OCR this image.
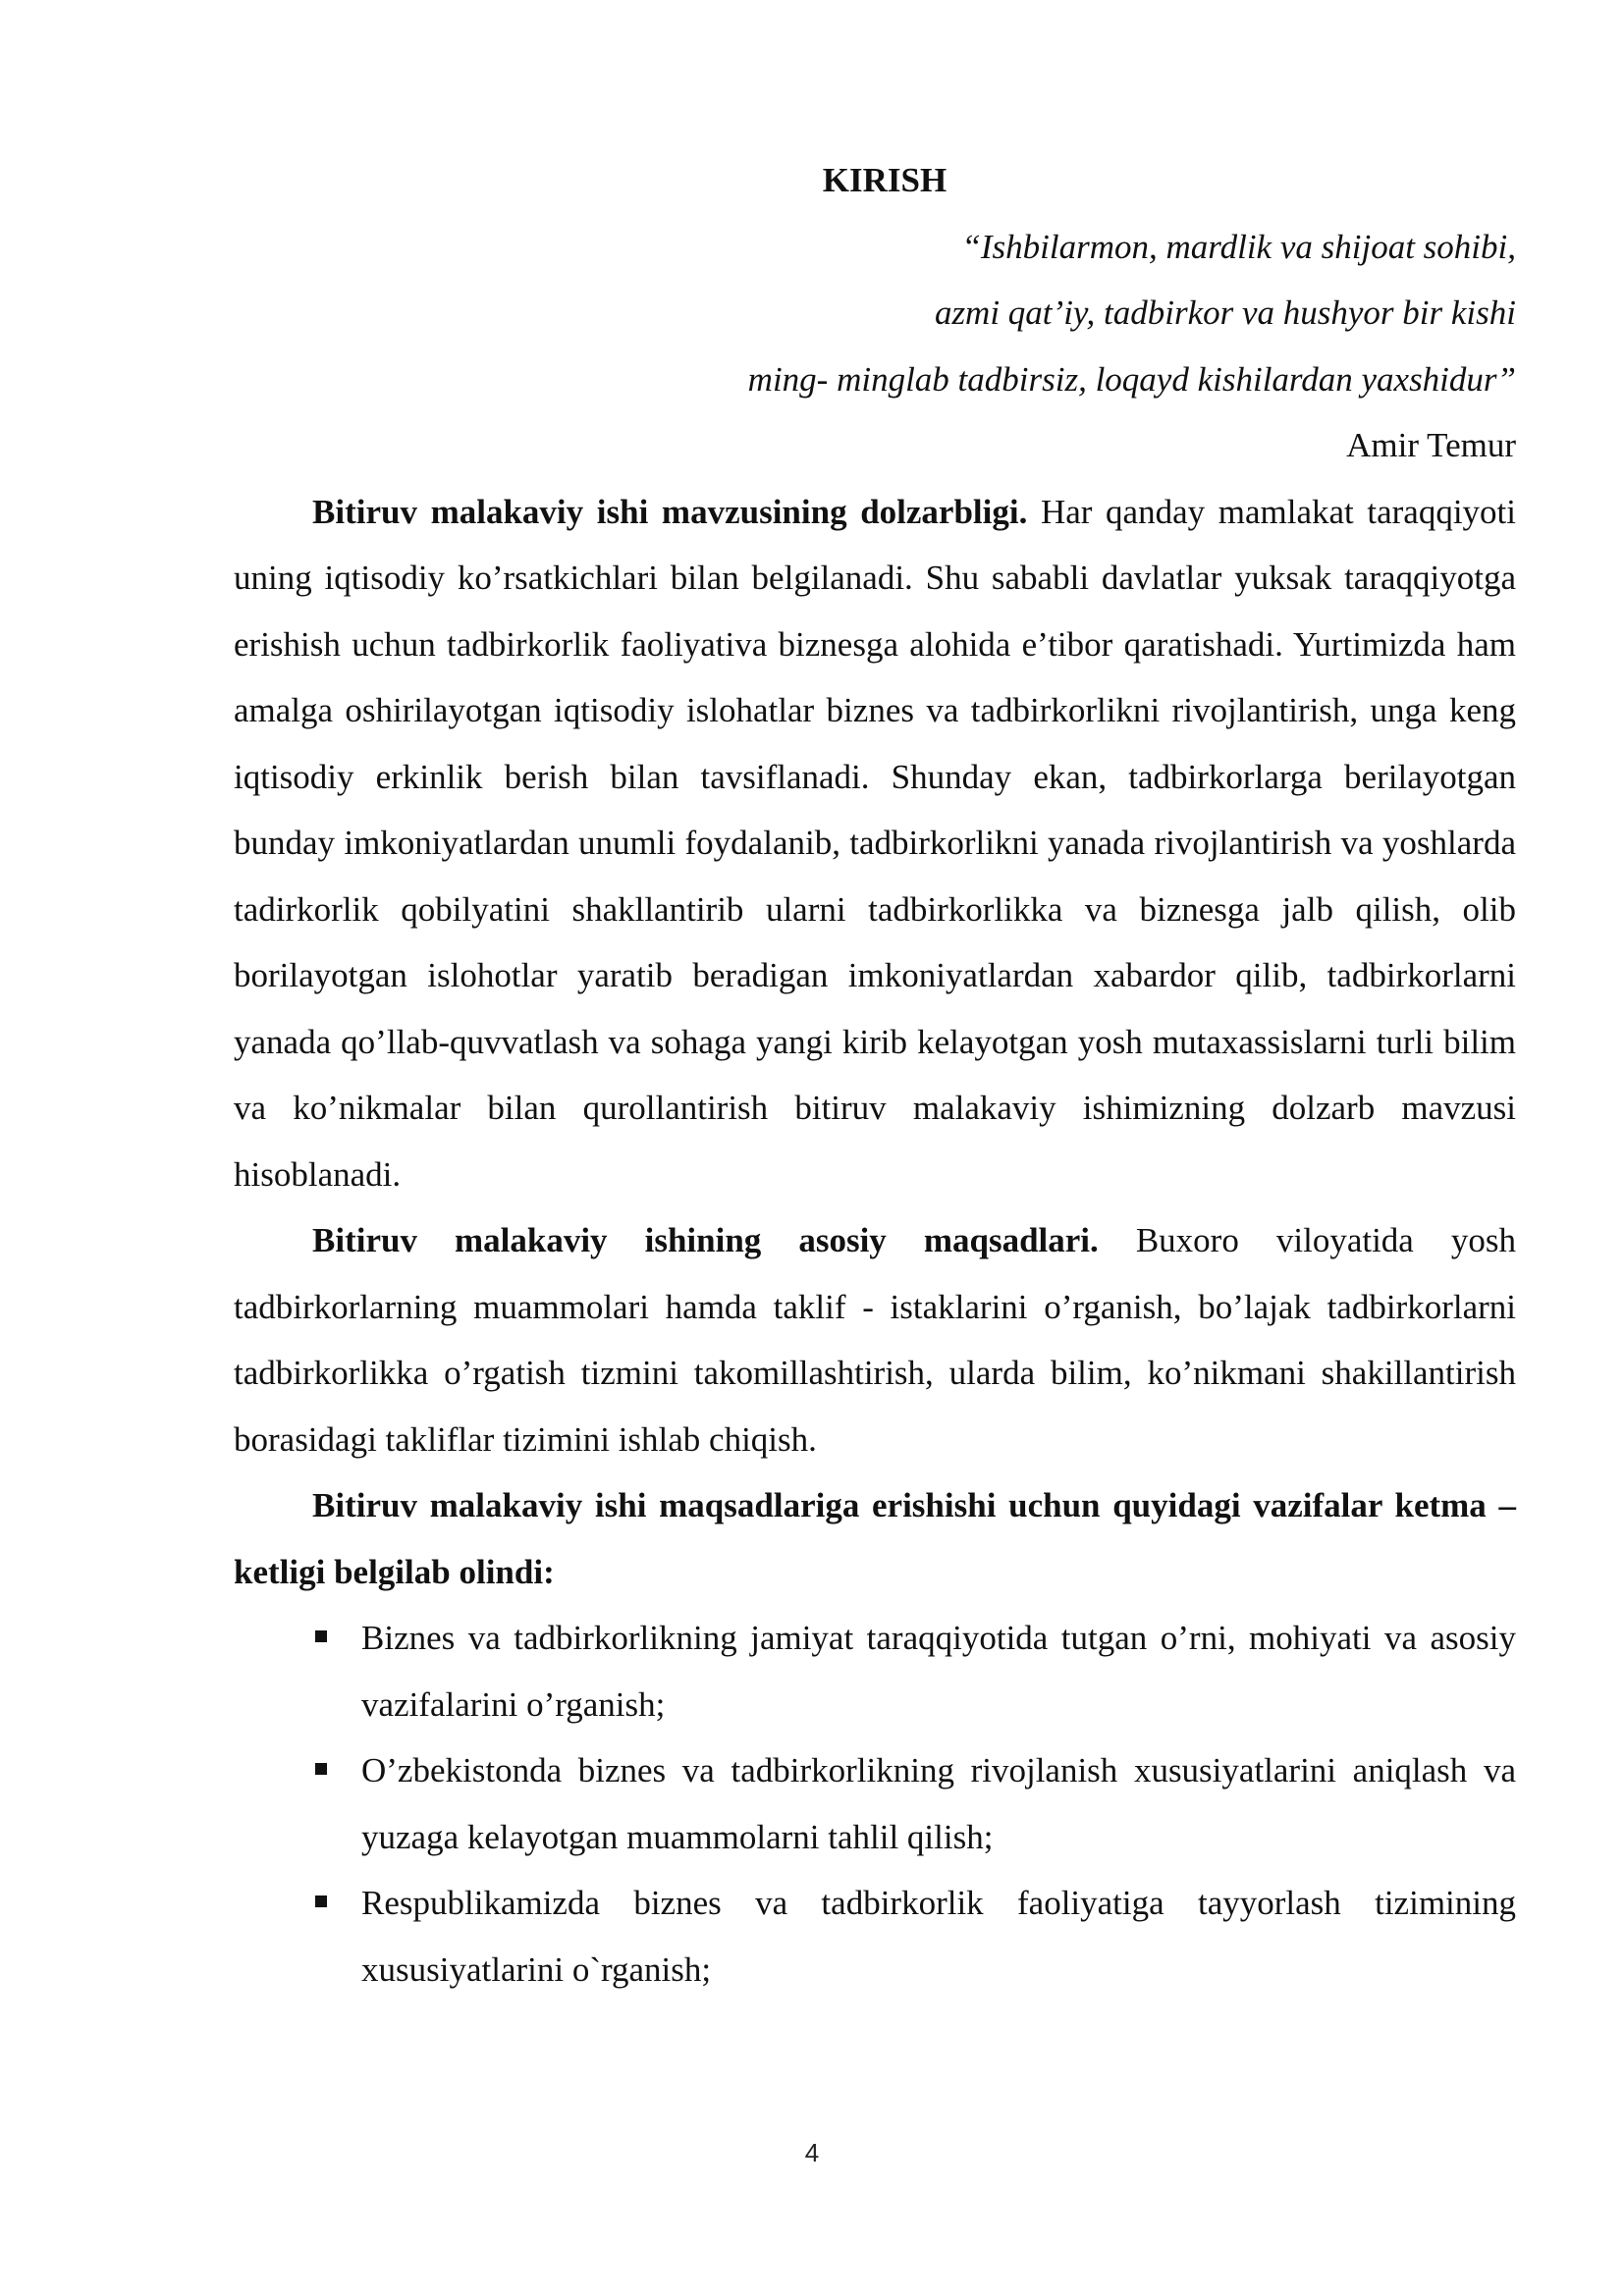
KIRISH
“Ishbilarmon, mardlik va shijoat sohibi,
azmi qat’iy, tadbirkor va hushyor bir kishi
ming- minglab tadbirsiz, loqayd kishilardan yaxshidur”
Amir Temur

Bitiruv malakaviy ishi mavzusining dolzarbligi. Har qanday mamlakat taraqqiyoti uning iqtisodiy ko’rsatkichlari bilan belgilanadi. Shu sababli davlatlar yuksak taraqqiyotga erishish uchun tadbirkorlik faoliyativa biznesga alohida e’tibor qaratishadi. Yurtimizda ham amalga oshirilayotgan iqtisodiy islohatlar biznes va tadbirkorlikni rivojlantirish, unga keng iqtisodiy erkinlik berish bilan tavsiflanadi. Shunday ekan, tadbirkorlarga berilayotgan bunday imkoniyatlardan unumli foydalanib, tadbirkorlikni yanada rivojlantirish va yoshlarda tadirkorlik qobilyatini shakllantirib ularni tadbirkorlikka va biznesga jalb qilish, olib borilayotgan islohotlar yaratib beradigan imkoniyatlardan xabardor qilib, tadbirkorlarni yanada qo’llab-quvvatlash va sohaga yangi kirib kelayotgan yosh mutaxassislarni turli bilim va ko’nikmalar bilan qurollantirish bitiruv malakaviy ishimizning dolzarb mavzusi hisoblanadi.

Bitiruv malakaviy ishining asosiy maqsadlari. Buxoro viloyatida yosh tadbirkorlarning muammolari hamda taklif - istaklarini o’rganish, bo’lajak tadbirkorlarni tadbirkorlikka o’rgatish tizmini takomillashtirish, ularda bilim, ko’nikmani shakillantirish borasidagi takliflar tizimini ishlab chiqish.

Bitiruv malakaviy ishi maqsadlariga erishishi uchun quyidagi vazifalar ketma – ketligi belgilab olindi:

Biznes va tadbirkorlikning jamiyat taraqqiyotida tutgan o’rni, mohiyati va asosiy vazifalarini o’rganish;
O’zbekistonda biznes va tadbirkorlikning rivojlanish xususiyatlarini aniqlash va yuzaga kelayotgan muammolarni tahlil qilish;
Respublikamizda biznes va tadbirkorlik faoliyatiga tayyorlash tizimining xususiyatlarini o`rganish;
4
